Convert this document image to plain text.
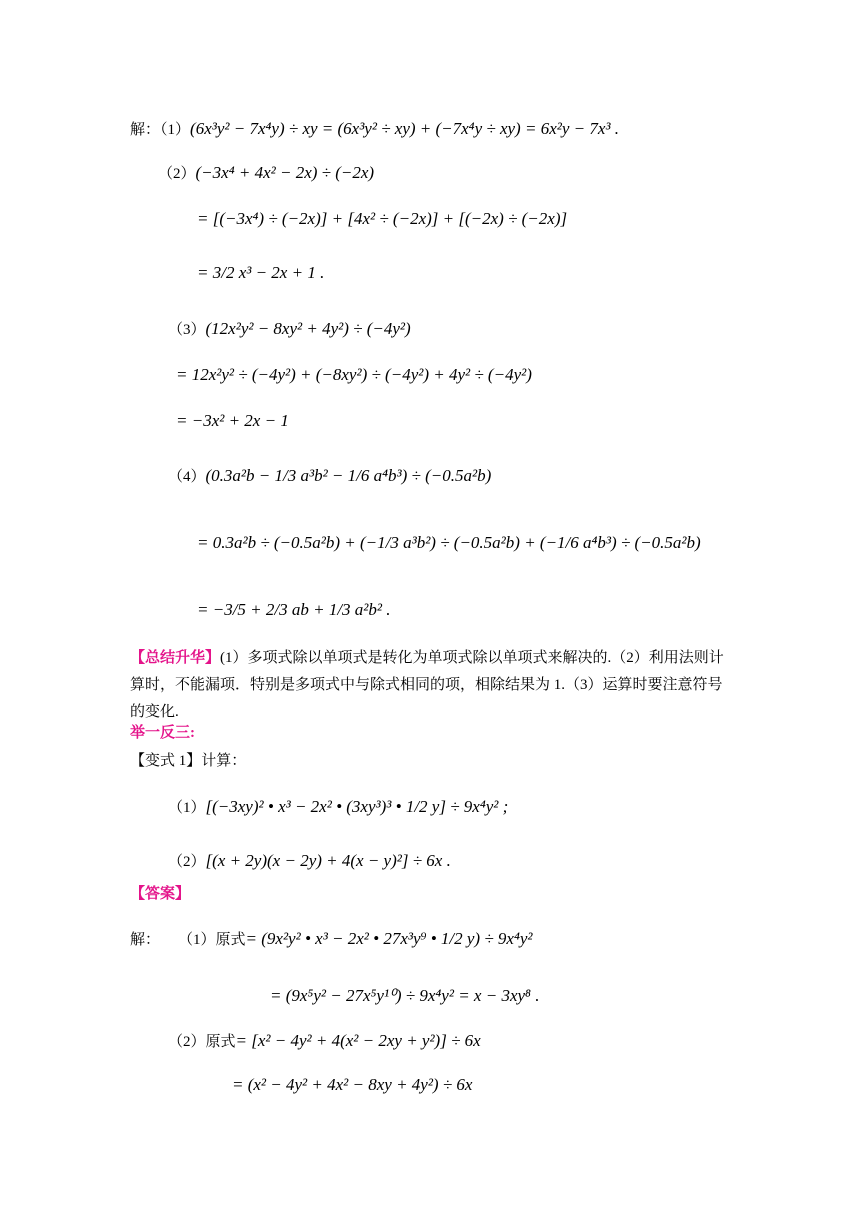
解：（1）(6x³y² − 7x⁴y) ÷ xy = (6x³y² ÷ xy) + (−7x⁴y ÷ xy) = 6x²y − 7x³ .
（2）(−3x⁴ + 4x² − 2x) ÷ (−2x)
= [(−3x⁴) ÷ (−2x)] + [4x² ÷ (−2x)] + [(−2x) ÷ (−2x)]
= 3/2 x³ − 2x + 1 .
（3）(12x²y² − 8xy² + 4y²) ÷ (−4y²)
= 12x²y² ÷ (−4y²) + (−8xy²) ÷ (−4y²) + 4y² ÷ (−4y²)
= −3x² + 2x − 1
（4）(0.3a²b − 1/3 a³b² − 1/6 a⁴b³) ÷ (−0.5a²b)
= 0.3a²b ÷ (−0.5a²b) + (−1/3 a³b²) ÷ (−0.5a²b) + (−1/6 a⁴b³) ÷ (−0.5a²b)
= −3/5 + 2/3 ab + 1/3 a²b² .
【总结升华】(1）多项式除以单项式是转化为单项式除以单项式来解决的.（2）利用法则计算时，不能漏项．特别是多项式中与除式相同的项，相除结果为 1.（3）运算时要注意符号的变化.
举一反三:
【变式 1】计算：
（1）[(−3xy)² • x³ − 2x² • (3xy³)³ • 1/2 y] ÷ 9x⁴y² ;
（2）[(x + 2y)(x − 2y) + 4(x − y)²] ÷ 6x .
【答案】
解： （1）原式= (9x²y² • x³ − 2x² • 27x³y⁹ • 1/2 y) ÷ 9x⁴y²
= (9x⁵y² − 27x⁵y¹⁰) ÷ 9x⁴y² = x − 3xy⁸ .
（2）原式= [x² − 4y² + 4(x² − 2xy + y²)] ÷ 6x
= (x² − 4y² + 4x² − 8xy + 4y²) ÷ 6x
